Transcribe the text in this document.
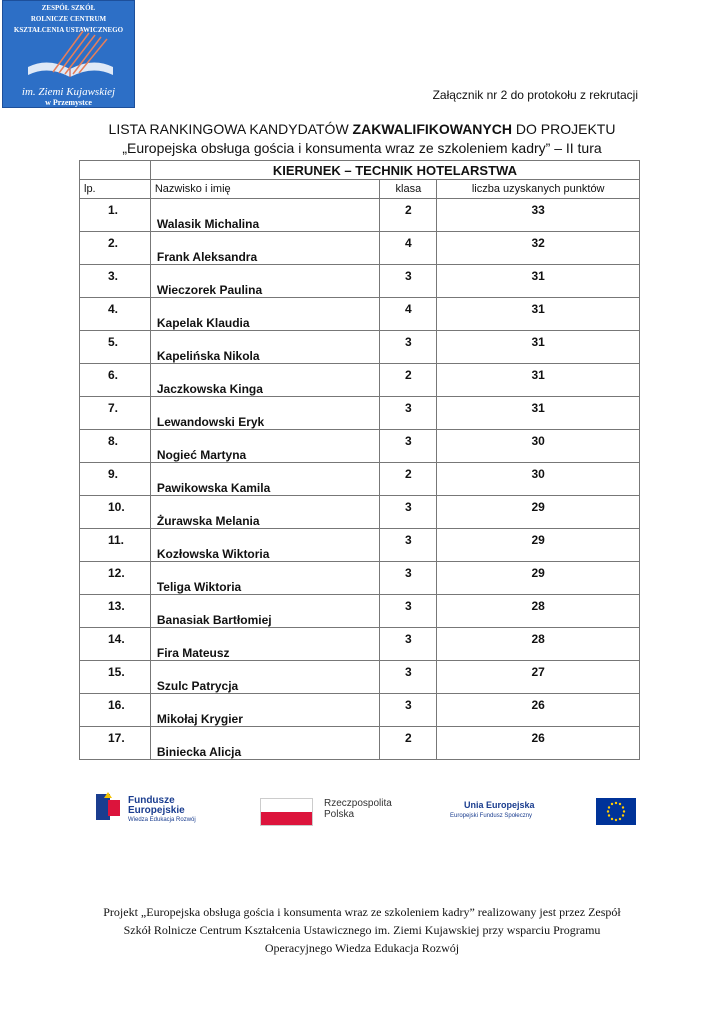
ZESPÓŁ SZKÓŁ
ROLNICZE CENTRUM
KSZTAŁCENIA USTAWICZNEGO
im. Ziemi Kujawskiej
w Przemystce
Załącznik nr 2 do protokołu z rekrutacji
LISTA RANKINGOWA KANDYDATÓW ZAKWALIFIKOWANYCH DO PROJEKTU
„Europejska obsługa gościa i konsumenta wraz ze szkoleniem kadry” – II tura
	KIERUNEK – TECHNIK HOTELARSTWA		
lp.	Nazwisko i imię	klasa	liczba uzyskanych punktów

1.	Walasik Michalina	2	33

2.	Frank Aleksandra	4	32

3.	Wieczorek Paulina	3	31

4.	Kapelak Klaudia	4	31

5.	Kapelińska Nikola	3	31

6.	Jaczkowska Kinga	2	31

7.	Lewandowski Eryk	3	31

8.	Nogieć Martyna	3	30

9.	Pawikowska Kamila	2	30

10.	Żurawska Melania	3	29

11.	Kozłowska Wiktoria	3	29

12.	Teliga Wiktoria	3	29

13.	Banasiak Bartłomiej	3	28

14.	Fira Mateusz	3	28

15.	Szulc Patrycja	3	27

16.	Mikołaj Krygier	3	26

17.	Biniecka Alicja	2	26
Fundusze
Europejskie
Wiedza Edukacja Rozwój
Rzeczpospolita
Polska
Unia Europejska
Europejski Fundusz Społeczny
Projekt „Europejska obsługa gościa i konsumenta wraz ze szkoleniem kadry” realizowany jest przez Zespół
Szkół Rolnicze Centrum Kształcenia Ustawicznego im. Ziemi Kujawskiej przy wsparciu Programu
Operacyjnego Wiedza Edukacja Rozwój
